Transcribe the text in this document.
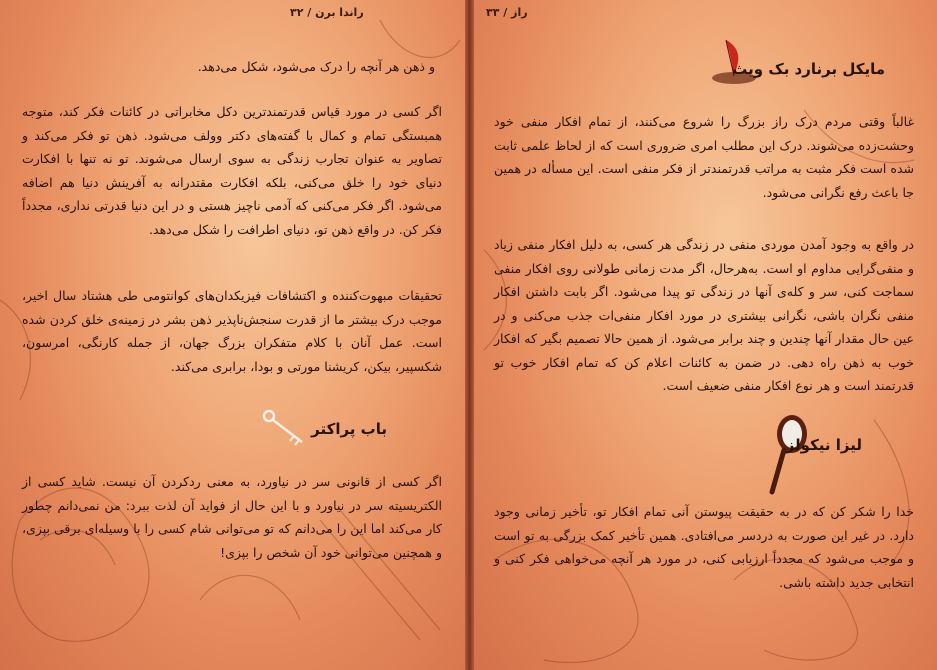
۳۲ / راندا برن

و ذهن هر آنچه را درک می‌شود، شکل می‌دهد.

اگر کسی در مورد قیاس قدرتمندترین دکل مخابراتی در کائنات فکر کند، متوجه همبستگی تمام و کمال با گفته‌های دکتر وولف می‌شود. ذهن تو فکر می‌کند و تصاویر به عنوان تجارب زندگی به سوی ارسال می‌شوند. تو نه تنها با افکارت دنیای خود را خلق می‌کنی، بلکه افکارت مقتدرانه به آفرینش دنیا هم اضافه می‌شود. اگر فکر می‌کنی که آدمی ناچیز هستی و در این دنیا قدرتی نداری، مجدداً فکر کن. در واقع ذهن تو، دنیای اطرافت را شکل می‌دهد.

تحقیقات مبهوت‌کننده و اکتشافات فیزیکدان‌های کوانتومی طی هشتاد سال اخیر، موجب درک بیشتر ما از قدرت سنجش‌ناپذیر ذهن بشر در زمینه‌ی خلق کردن شده است. عمل آنان با کلام متفکران بزرگ جهان، از جمله کارنگی، امرسون، شکسپیر، بیکن، کریشنا مورتی و بودا، برابری می‌کند.

باب پراکتر

اگر کسی از قانونی سر در نیاورد، به معنی ردکردن آن نیست. شاید کسی از الکتریسیته سر در نیاورد و با این حال از فواید آن لذت ببرد: من نمی‌دانم چطور کار می‌کند اما این را می‌دانم که تو می‌توانی شام کسی را با وسیله‌ای برقی بپزی، و همچنین می‌توانی خود آن شخص را بپزی!

راز / ۳۳
مایکل برنارد بک ویث

غالباً وقتی مردم درک راز بزرگ را شروع می‌کنند، از تمام افکار منفی خود وحشت‌زده می‌شوند. درک این مطلب امری ضروری است که از لحاظ علمی ثابت شده است فکر مثبت به مراتب قدرتمندتر از فکر منفی است. این مسأله در همین جا باعث رفع نگرانی می‌شود.

در واقع به وجود آمدن موردی منفی در زندگی هر کسی، به دلیل افکار منفی زیاد و منفی‌گرایی مداوم او است. به‌هرحال، اگر مدت زمانی طولانی روی افکار منفی سماجت کنی، سر و کله‌ی آنها در زندگی تو پیدا می‌شود. اگر بابت داشتن افکار منفی نگران باشی، نگرانی بیشتری در مورد افکار منفی‌ات جذب می‌کنی و در عین حال مقدار آنها چندین و چند برابر می‌شود. از همین حالا تصمیم بگیر که افکار خوب به ذهن راه دهی. در ضمن به کائنات اعلام کن که تمام افکار خوب تو قدرتمند است و هر نوع افکار منفی ضعیف است.

لیزا نیکولز

خدا را شکر کن که در به حقیقت پیوستن آنی تمام افکار تو، تأخیر زمانی وجود دارد. در غیر این صورت به دردسر می‌افتادی. همین تأخیر کمک بزرگی به تو است و موجب می‌شود که مجدداً ارزیابی کنی، در مورد هر آنچه می‌خواهی فکر کنی و انتخابی جدید داشته باشی.
